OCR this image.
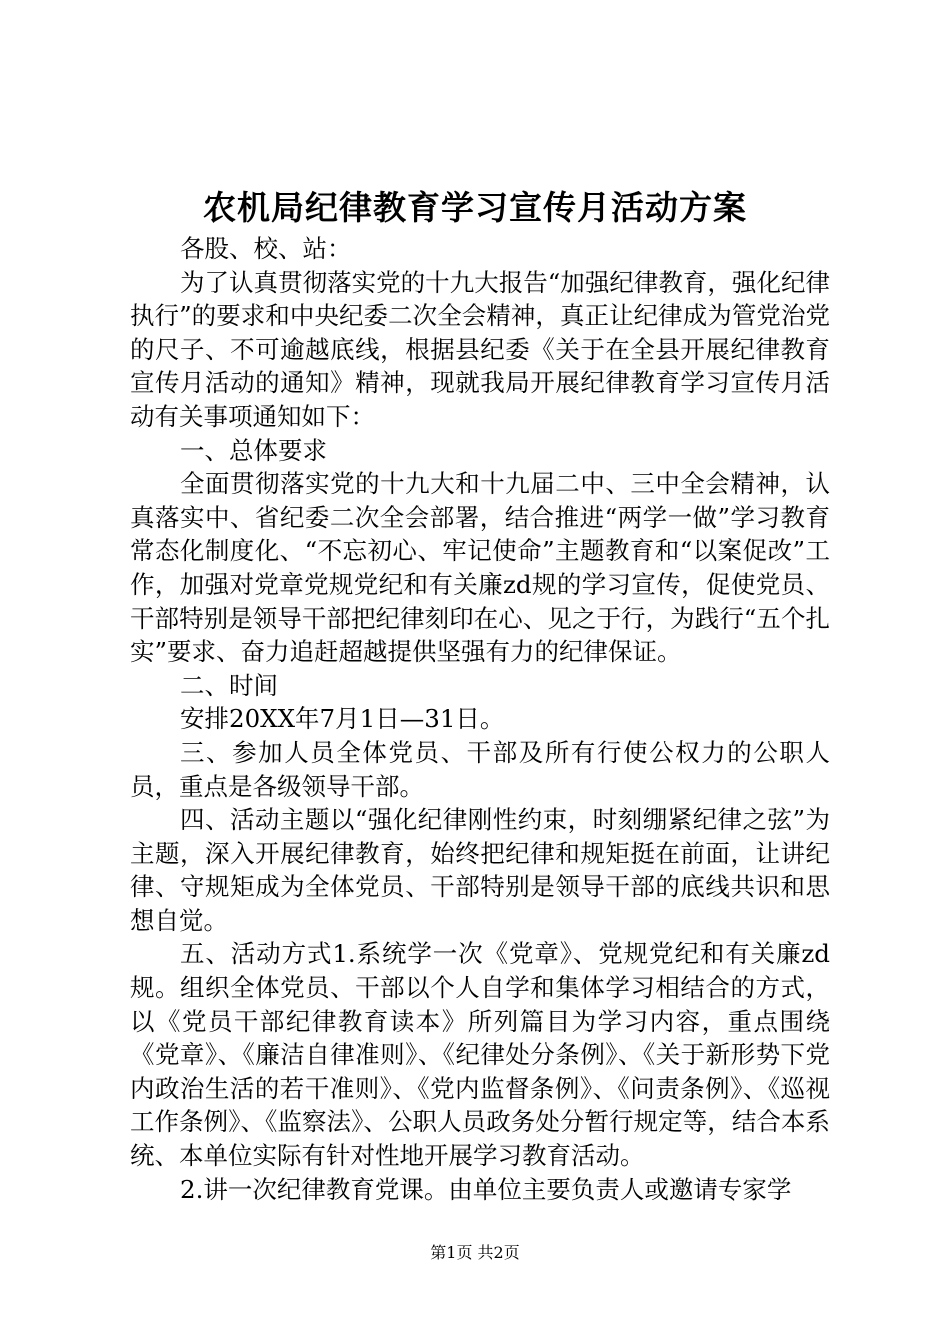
农机局纪律教育学习宣传月活动方案

各股、校、站：

为了认真贯彻落实党的十九大报告“加强纪律教育，强化纪律执行”的要求和中央纪委二次全会精神，真正让纪律成为管党治党的尺子、不可逾越底线，根据县纪委《关于在全县开展纪律教育宣传月活动的通知》精神，现就我局开展纪律教育学习宣传月活动有关事项通知如下：

一、总体要求

全面贯彻落实党的十九大和十九届二中、三中全会精神，认真落实中、省纪委二次全会部署，结合推进“两学一做”学习教育常态化制度化、“不忘初心、牢记使命”主题教育和“以案促改”工作，加强对党章党规党纪和有关廉zd规的学习宣传，促使党员、干部特别是领导干部把纪律刻印在心、见之于行，为践行“五个扎实”要求、奋力追赶超越提供坚强有力的纪律保证。

二、时间

安排20XX年7月1日—31日。

三、参加人员全体党员、干部及所有行使公权力的公职人员，重点是各级领导干部。

四、活动主题以“强化纪律刚性约束，时刻绷紧纪律之弦”为主题，深入开展纪律教育，始终把纪律和规矩挺在前面，让讲纪律、守规矩成为全体党员、干部特别是领导干部的底线共识和思想自觉。

五、活动方式1.系统学一次《党章》、党规党纪和有关廉zd规。组织全体党员、干部以个人自学和集体学习相结合的方式，以《党员干部纪律教育读本》所列篇目为学习内容，重点围绕《党章》、《廉洁自律准则》、《纪律处分条例》、《关于新形势下党内政治生活的若干准则》、《党内监督条例》、《问责条例》、《巡视工作条例》、《监察法》、公职人员政务处分暂行规定等，结合本系统、本单位实际有针对性地开展学习教育活动。

2.讲一次纪律教育党课。由单位主要负责人或邀请专家学

第1页 共2页
